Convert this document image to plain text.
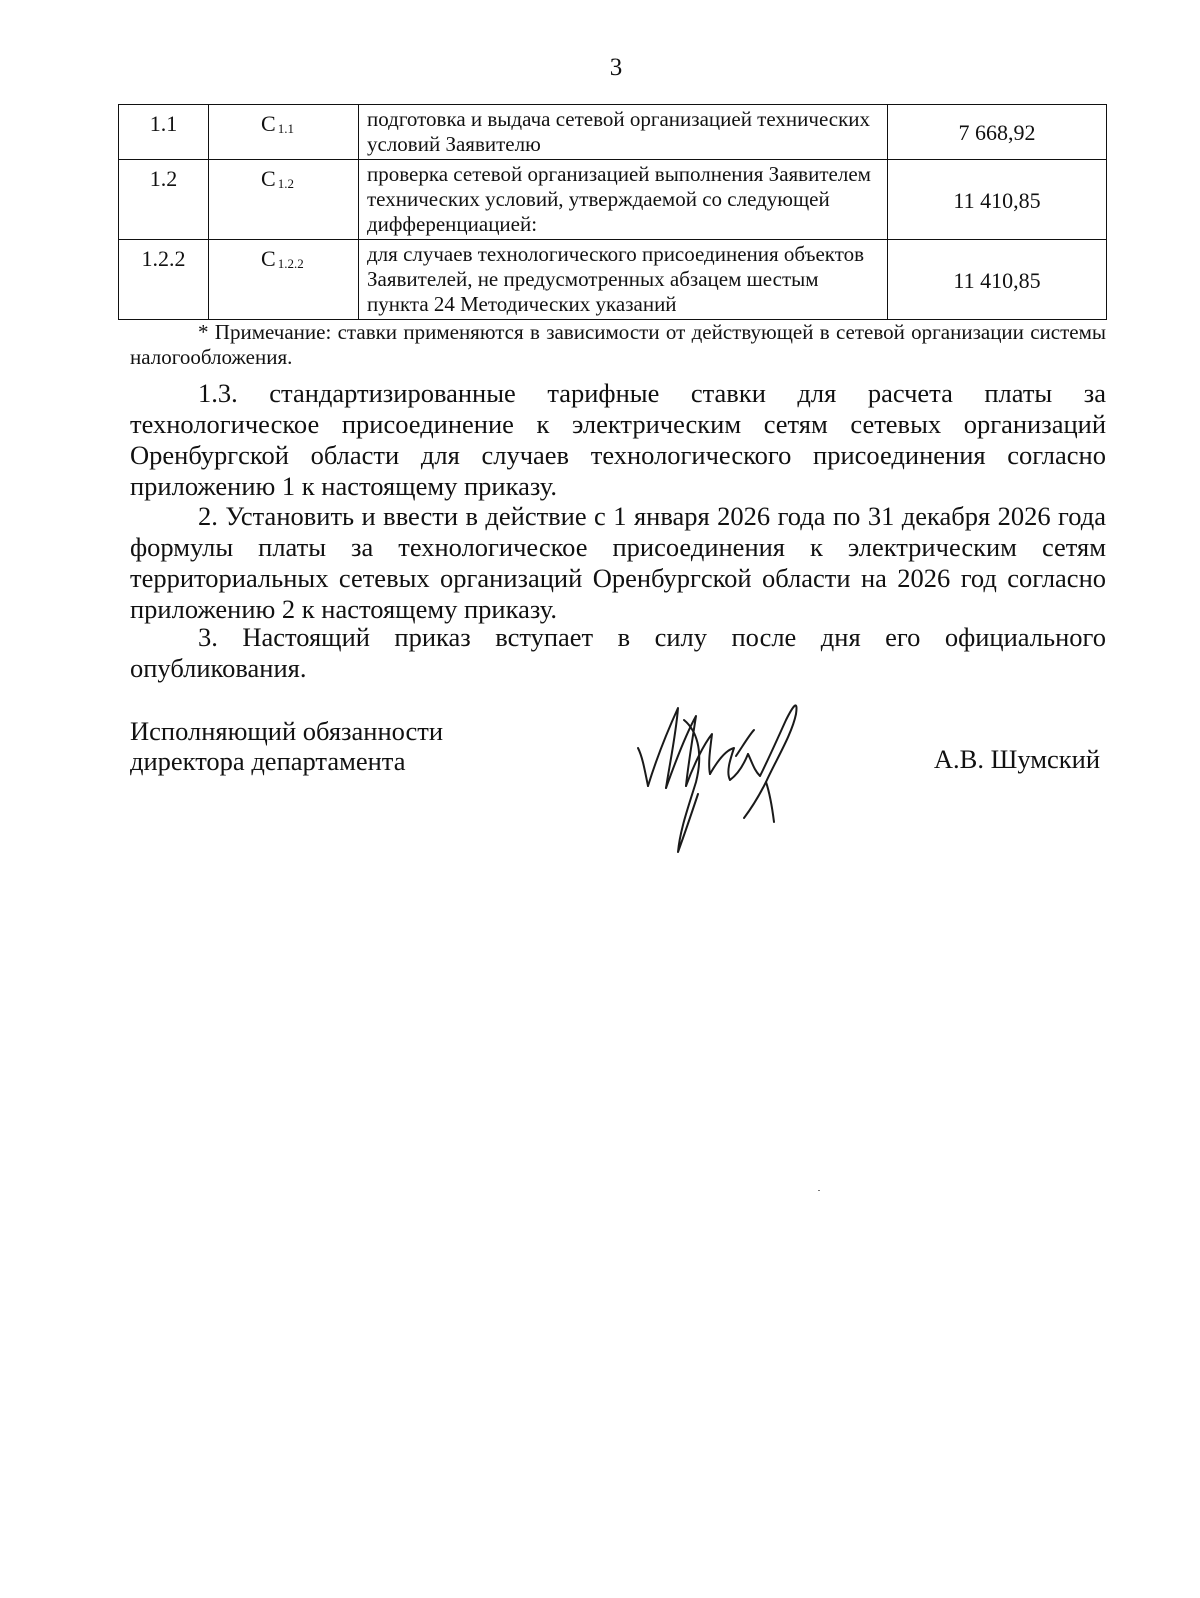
3
1.1	С $_{1.1}$	подготовка и выдача сетевой организацией технических условий Заявителю	7 668,92
1.2	С $_{1.2}$	проверка сетевой организацией выполнения Заявителем технических условий, утверждаемой со следующей дифференциацией:	11 410,85
1.2.2	С $_{1.2.2}$	для случаев технологического присоединения объектов Заявителей, не предусмотренных абзацем шестым пункта 24 Методических указаний	11 410,85
* Примечание: ставки применяются в зависимости от действующей в сетевой организации системы налогообложения.
1.3. стандартизированные тарифные ставки для расчета платы за технологическое присоединение к электрическим сетям сетевых организаций Оренбургской области для случаев технологического присоединения согласно приложению 1 к настоящему приказу.
2. Установить и ввести в действие с 1 января 2026 года по 31 декабря 2026 года формулы платы за технологическое присоединения к электрическим сетям территориальных сетевых организаций Оренбургской области на 2026 год согласно приложению 2 к настоящему приказу.
3. Настоящий приказ вступает в силу после дня его официального опубликования.
Исполняющий обязанности
директора департамента	А.В. Шумский
